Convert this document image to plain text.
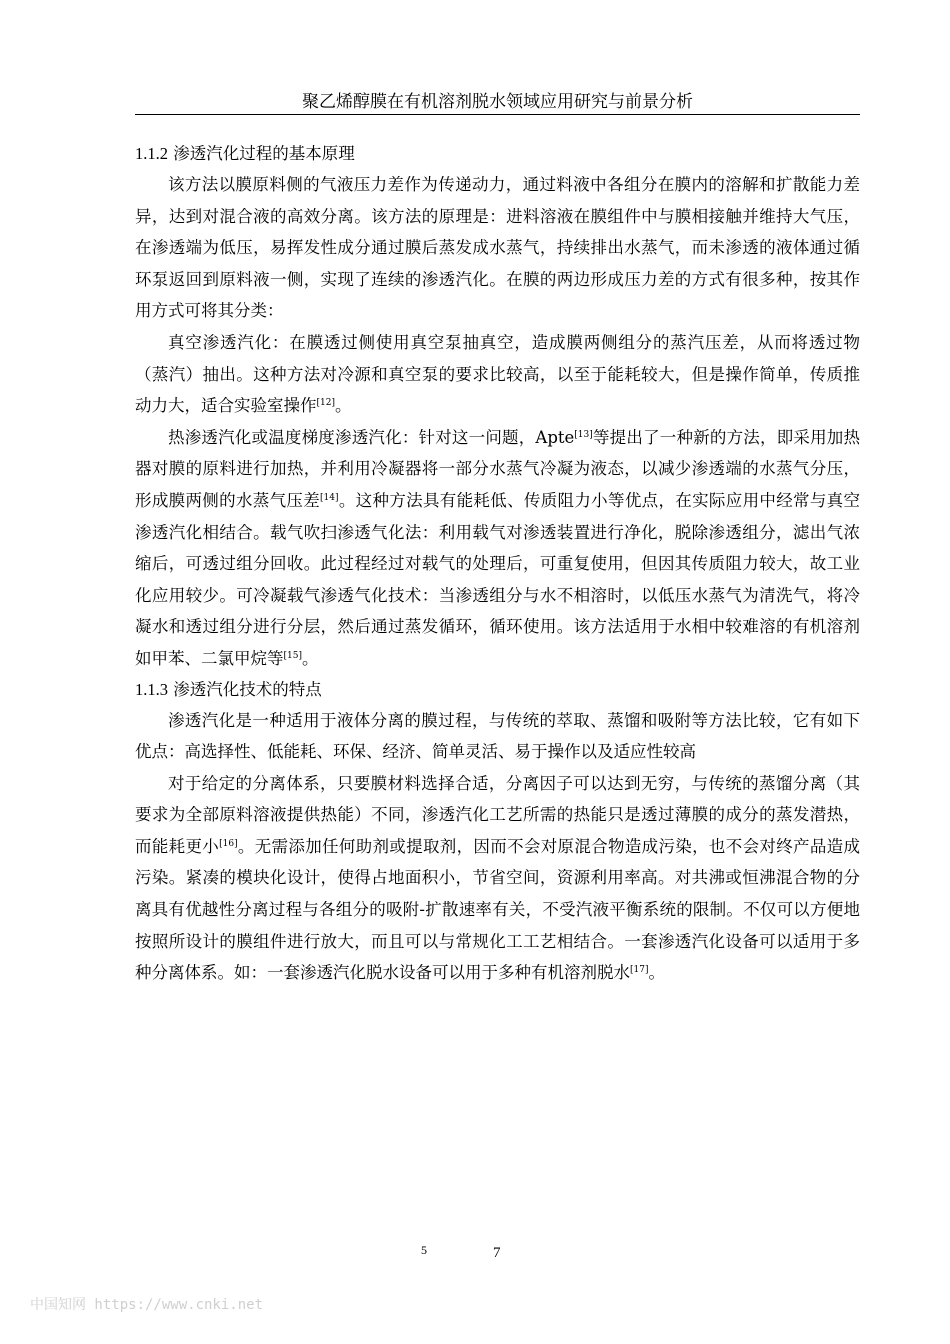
聚乙烯醇膜在有机溶剂脱水领域应用研究与前景分析
1.1.2 渗透汽化过程的基本原理

该方法以膜原料侧的气液压力差作为传递动力，通过料液中各组分在膜内的溶解和扩散能力差异，达到对混合液的高效分离。该方法的原理是：进料溶液在膜组件中与膜相接触并维持大气压，在渗透端为低压，易挥发性成分通过膜后蒸发成水蒸气，持续排出水蒸气，而未渗透的液体通过循环泵返回到原料液一侧，实现了连续的渗透汽化。在膜的两边形成压力差的方式有很多种，按其作用方式可将其分类：

真空渗透汽化：在膜透过侧使用真空泵抽真空，造成膜两侧组分的蒸汽压差，从而将透过物（蒸汽）抽出。这种方法对冷源和真空泵的要求比较高，以至于能耗较大，但是操作简单，传质推动力大，适合实验室操作[12]。

热渗透汽化或温度梯度渗透汽化：针对这一问题，Apte[13]等提出了一种新的方法，即采用加热器对膜的原料进行加热，并利用冷凝器将一部分水蒸气冷凝为液态，以减少渗透端的水蒸气分压，形成膜两侧的水蒸气压差[14]。这种方法具有能耗低、传质阻力小等优点，在实际应用中经常与真空渗透汽化相结合。载气吹扫渗透气化法：利用载气对渗透装置进行净化，脱除渗透组分，滤出气浓缩后，可透过组分回收。此过程经过对载气的处理后，可重复使用，但因其传质阻力较大，故工业化应用较少。可冷凝载气渗透气化技术：当渗透组分与水不相溶时，以低压水蒸气为清洗气，将冷凝水和透过组分进行分层，然后通过蒸发循环，循环使用。该方法适用于水相中较难溶的有机溶剂如甲苯、二氯甲烷等[15]。

1.1.3 渗透汽化技术的特点

渗透汽化是一种适用于液体分离的膜过程，与传统的萃取、蒸馏和吸附等方法比较，它有如下优点：高选择性、低能耗、环保、经济、简单灵活、易于操作以及适应性较高

对于给定的分离体系，只要膜材料选择合适，分离因子可以达到无穷，与传统的蒸馏分离（其要求为全部原料溶液提供热能）不同，渗透汽化工艺所需的热能只是透过薄膜的成分的蒸发潜热，而能耗更小[16]。无需添加任何助剂或提取剂，因而不会对原混合物造成污染，也不会对终产品造成污染。紧凑的模块化设计，使得占地面积小，节省空间，资源利用率高。对共沸或恒沸混合物的分离具有优越性分离过程与各组分的吸附-扩散速率有关，不受汽液平衡系统的限制。不仅可以方便地按照所设计的膜组件进行放大，而且可以与常规化工工艺相结合。一套渗透汽化设备可以适用于多种分离体系。如：一套渗透汽化脱水设备可以用于多种有机溶剂脱水[17]。

5	7
中国知网 https://www.cnki.net
